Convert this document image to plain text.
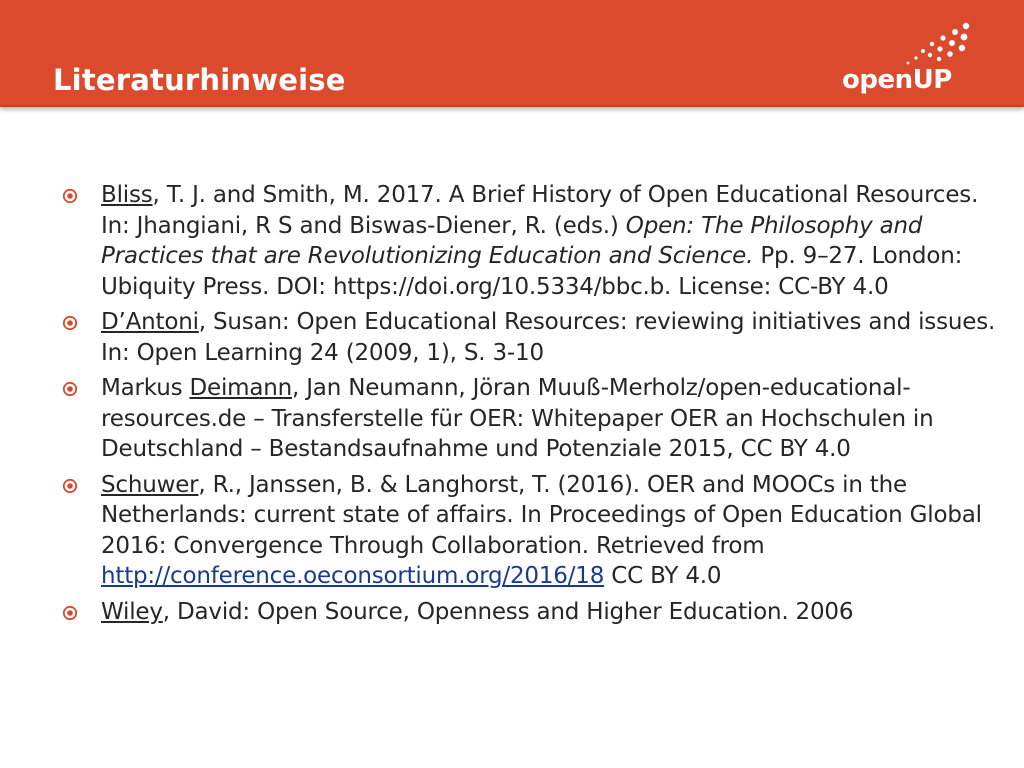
Literaturhinweise	openUP
Bliss, T. J. and Smith, M. 2017. A Brief History of Open Educational Resources. In: Jhangiani, R S and Biswas-Diener, R. (eds.) Open: The Philosophy and Practices that are Revolutionizing Education and Science. Pp. 9–27. London: Ubiquity Press. DOI: https://doi.org/10.5334/bbc.b. License: CC-BY 4.0
D’Antoni, Susan: Open Educational Resources: reviewing initiatives and issues. In: Open Learning 24 (2009, 1), S. 3-10
Markus Deimann, Jan Neumann, Jöran Muuß-Merholz/open-educational-resources.de – Transferstelle für OER: Whitepaper OER an Hochschulen in Deutschland – Bestandsaufnahme und Potenziale 2015, CC BY 4.0
Schuwer, R., Janssen, B. & Langhorst, T. (2016). OER and MOOCs in the Netherlands: current state of affairs. In Proceedings of Open Education Global 2016: Convergence Through Collaboration. Retrieved from http://conference.oeconsortium.org/2016/18 CC BY 4.0
Wiley, David: Open Source, Openness and Higher Education. 2006
